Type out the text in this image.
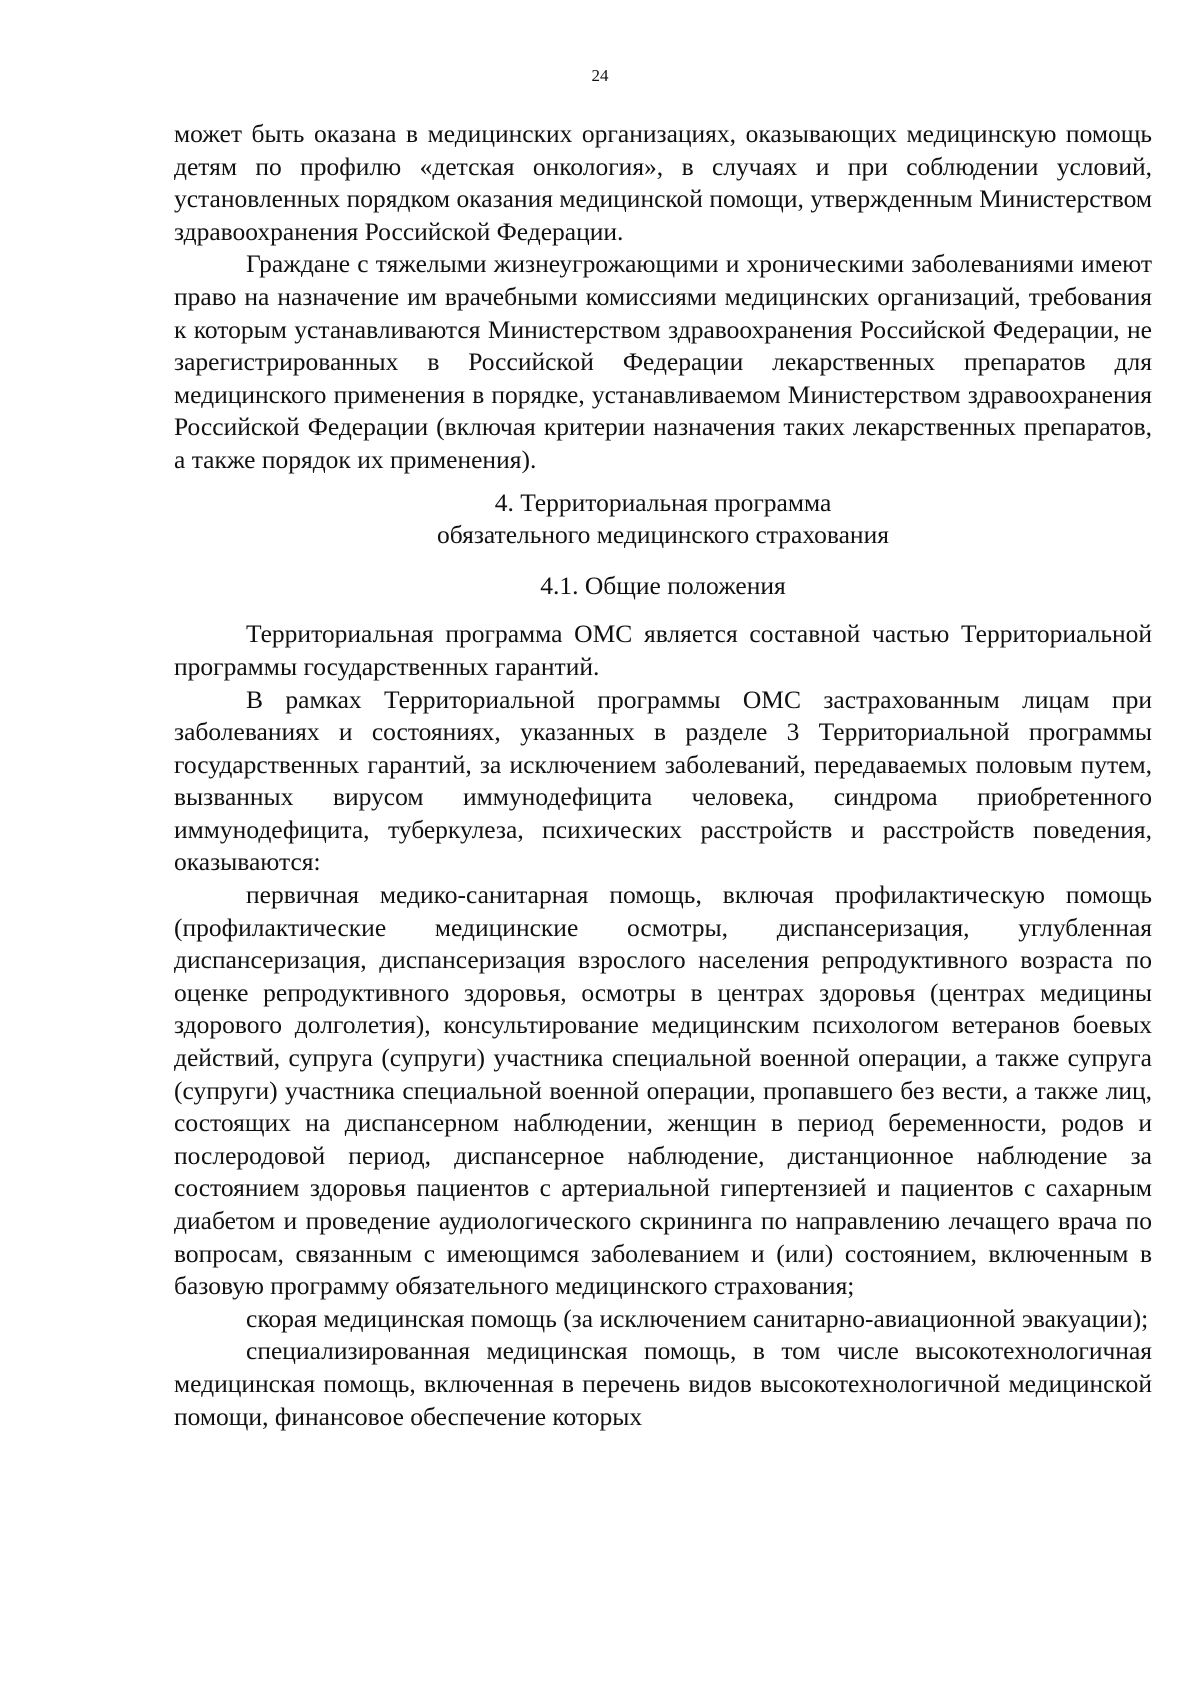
24

может быть оказана в медицинских организациях, оказывающих медицинскую помощь детям по профилю «детская онкология», в случаях и при соблюдении условий, установленных порядком оказания медицинской помощи, утвержденным Министерством здравоохранения Российской Федерации.

Граждане с тяжелыми жизнеугрожающими и хроническими заболеваниями имеют право на назначение им врачебными комиссиями медицинских организаций, требования к которым устанавливаются Министерством здравоохранения Российской Федерации, не зарегистрированных в Российской Федерации лекарственных препаратов для медицинского применения в порядке, устанавливаемом Министерством здравоохранения Российской Федерации (включая критерии назначения таких лекарственных препаратов, а также порядок их применения).

4. Территориальная программа
обязательного медицинского страхования
4.1. Общие положения

Территориальная программа ОМС является составной частью Территориальной программы государственных гарантий.

В рамках Территориальной программы ОМС застрахованным лицам при заболеваниях и состояниях, указанных в разделе 3 Территориальной программы государственных гарантий, за исключением заболеваний, передаваемых половым путем, вызванных вирусом иммунодефицита человека, синдрома приобретенного иммунодефицита, туберкулеза, психических расстройств и расстройств поведения, оказываются:

первичная медико-санитарная помощь, включая профилактическую помощь (профилактические медицинские осмотры, диспансеризация, углубленная диспансеризация, диспансеризация взрослого населения репродуктивного возраста по оценке репродуктивного здоровья, осмотры в центрах здоровья (центрах медицины здорового долголетия), консультирование медицинским психологом ветеранов боевых действий, супруга (супруги) участника специальной военной операции, а также супруга (супруги) участника специальной военной операции, пропавшего без вести, а также лиц, состоящих на диспансерном наблюдении, женщин в период беременности, родов и послеродовой период, диспансерное наблюдение, дистанционное наблюдение за состоянием здоровья пациентов с артериальной гипертензией и пациентов с сахарным диабетом и проведение аудиологического скрининга по направлению лечащего врача по вопросам, связанным с имеющимся заболеванием и (или) состоянием, включенным в базовую программу обязательного медицинского страхования;

скорая медицинская помощь (за исключением санитарно-авиационной эвакуации);

специализированная медицинская помощь, в том числе высокотехнологичная медицинская помощь, включенная в перечень видов высокотехнологичной медицинской помощи, финансовое обеспечение которых
